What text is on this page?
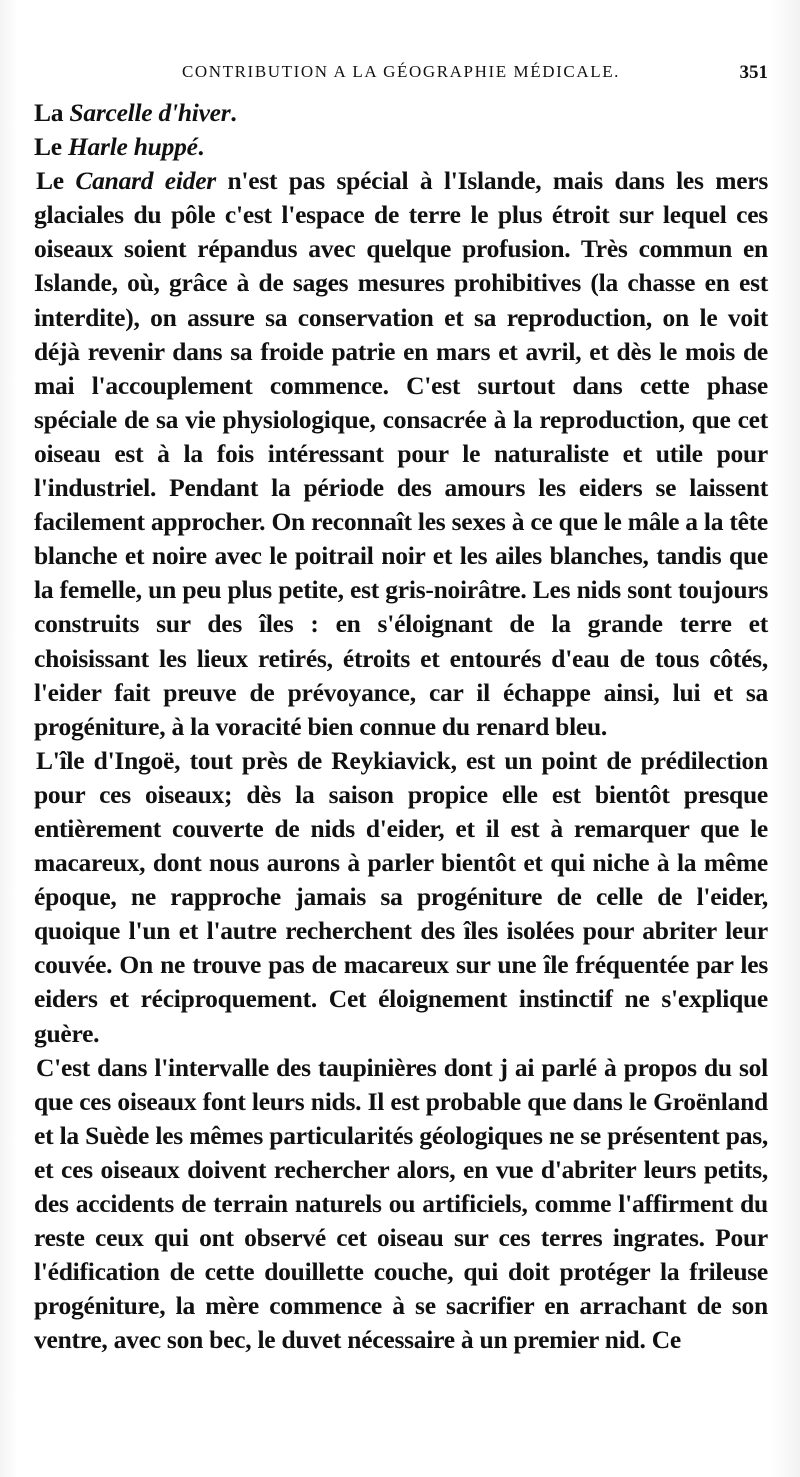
CONTRIBUTION A LA GÉOGRAPHIE MÉDICALE.	351

La Sarcelle d'hiver.

Le Harle huppé.

Le Canard eider n'est pas spécial à l'Islande, mais dans les mers glaciales du pôle c'est l'espace de terre le plus étroit sur lequel ces oiseaux soient répandus avec quelque profusion. Très commun en Islande, où, grâce à de sages mesures prohibitives (la chasse en est interdite), on assure sa conservation et sa reproduction, on le voit déjà revenir dans sa froide patrie en mars et avril, et dès le mois de mai l'accouplement commence. C'est surtout dans cette phase spéciale de sa vie physiologique, consacrée à la reproduction, que cet oiseau est à la fois intéressant pour le naturaliste et utile pour l'industriel. Pendant la période des amours les eiders se laissent facilement approcher. On reconnaît les sexes à ce que le mâle a la tête blanche et noire avec le poitrail noir et les ailes blanches, tandis que la femelle, un peu plus petite, est gris-noirâtre. Les nids sont toujours construits sur des îles : en s'éloignant de la grande terre et choisissant les lieux retirés, étroits et entourés d'eau de tous côtés, l'eider fait preuve de prévoyance, car il échappe ainsi, lui et sa progéniture, à la voracité bien connue du renard bleu.

L'île d'Ingoë, tout près de Reykiavick, est un point de prédilection pour ces oiseaux; dès la saison propice elle est bientôt presque entièrement couverte de nids d'eider, et il est à remarquer que le macareux, dont nous aurons à parler bientôt et qui niche à la même époque, ne rapproche jamais sa progéniture de celle de l'eider, quoique l'un et l'autre recherchent des îles isolées pour abriter leur couvée. On ne trouve pas de macareux sur une île fréquentée par les eiders et réciproquement. Cet éloignement instinctif ne s'explique guère.

C'est dans l'intervalle des taupinières dont j ai parlé à propos du sol que ces oiseaux font leurs nids. Il est probable que dans le Groënland et la Suède les mêmes particularités géologiques ne se présentent pas, et ces oiseaux doivent rechercher alors, en vue d'abriter leurs petits, des accidents de terrain naturels ou artificiels, comme l'affirment du reste ceux qui ont observé cet oiseau sur ces terres ingrates. Pour l'édification de cette douillette couche, qui doit protéger la frileuse progéniture, la mère commence à se sacrifier en arrachant de son ventre, avec son bec, le duvet nécessaire à un premier nid. Ce
